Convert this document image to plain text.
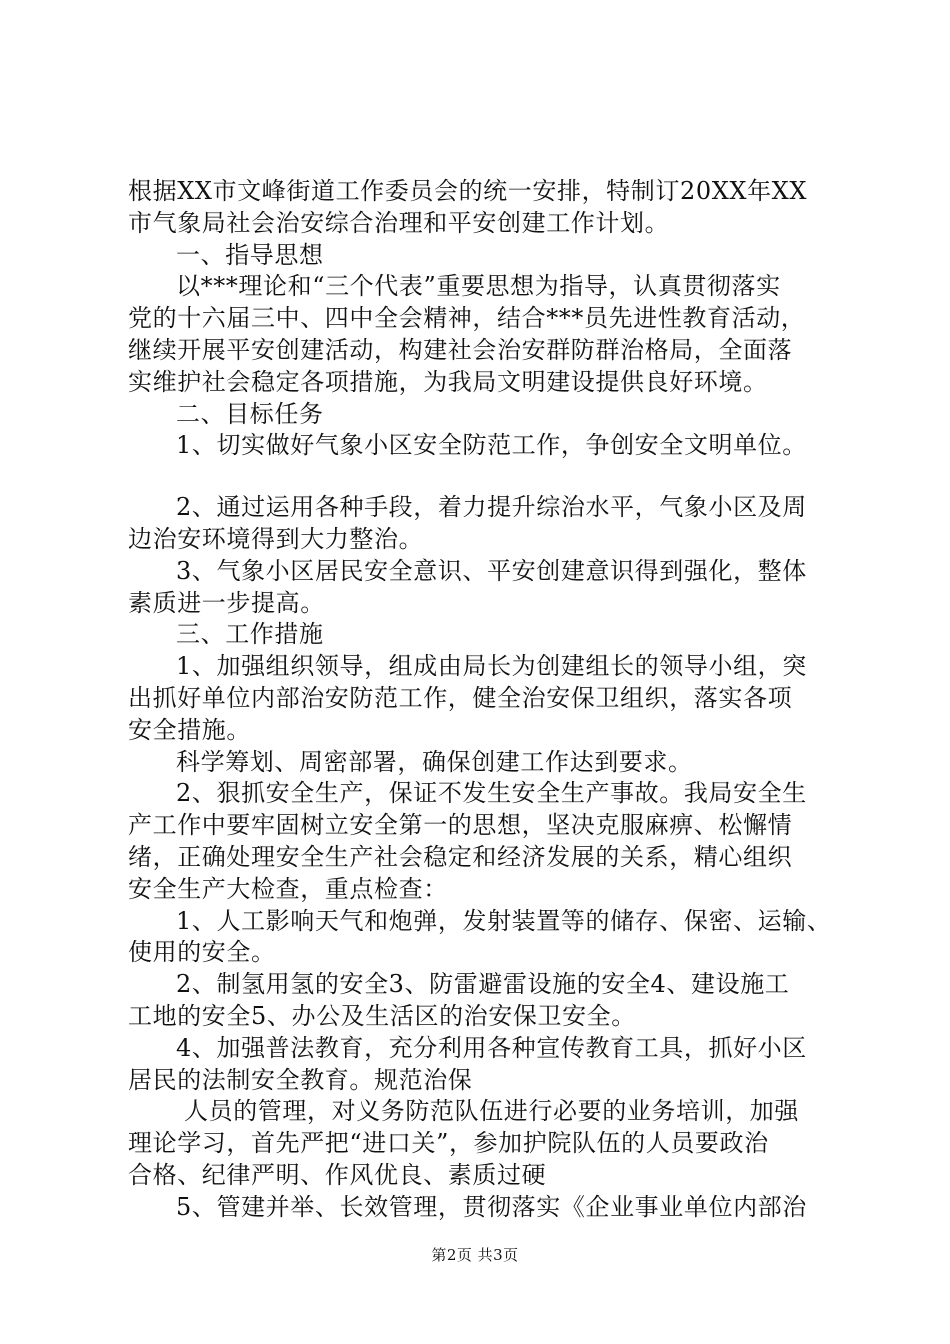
根据XX市文峰街道工作委员会的统一安排，特制订20XX年XX
市气象局社会治安综合治理和平安创建工作计划。
一、指导思想
以***理论和“三个代表”重要思想为指导，认真贯彻落实
党的十六届三中、四中全会精神，结合***员先进性教育活动，
继续开展平安创建活动，构建社会治安群防群治格局，全面落
实维护社会稳定各项措施，为我局文明建设提供良好环境。
二、目标任务
1、切实做好气象小区安全防范工作，争创安全文明单位。
2、通过运用各种手段，着力提升综治水平，气象小区及周
边治安环境得到大力整治。
3、气象小区居民安全意识、平安创建意识得到强化，整体
素质进一步提高。
三、工作措施
1、加强组织领导，组成由局长为创建组长的领导小组，突
出抓好单位内部治安防范工作，健全治安保卫组织，落实各项
安全措施。
科学筹划、周密部署，确保创建工作达到要求。
2、狠抓安全生产，保证不发生安全生产事故。我局安全生
产工作中要牢固树立安全第一的思想，坚决克服麻痹、松懈情
绪，正确处理安全生产社会稳定和经济发展的关系，精心组织
安全生产大检查，重点检查：
1、人工影响天气和炮弹，发射装置等的储存、保密、运输、
使用的安全。
2、制氢用氢的安全3、防雷避雷设施的安全4、建设施工
工地的安全5、办公及生活区的治安保卫安全。
4、加强普法教育，充分利用各种宣传教育工具，抓好小区
居民的法制安全教育。规范治保
人员的管理，对义务防范队伍进行必要的业务培训，加强
理论学习，首先严把“进口关”，参加护院队伍的人员要政治
合格、纪律严明、作风优良、素质过硬
5、管建并举、长效管理，贯彻落实《企业事业单位内部治
第2页 共3页
